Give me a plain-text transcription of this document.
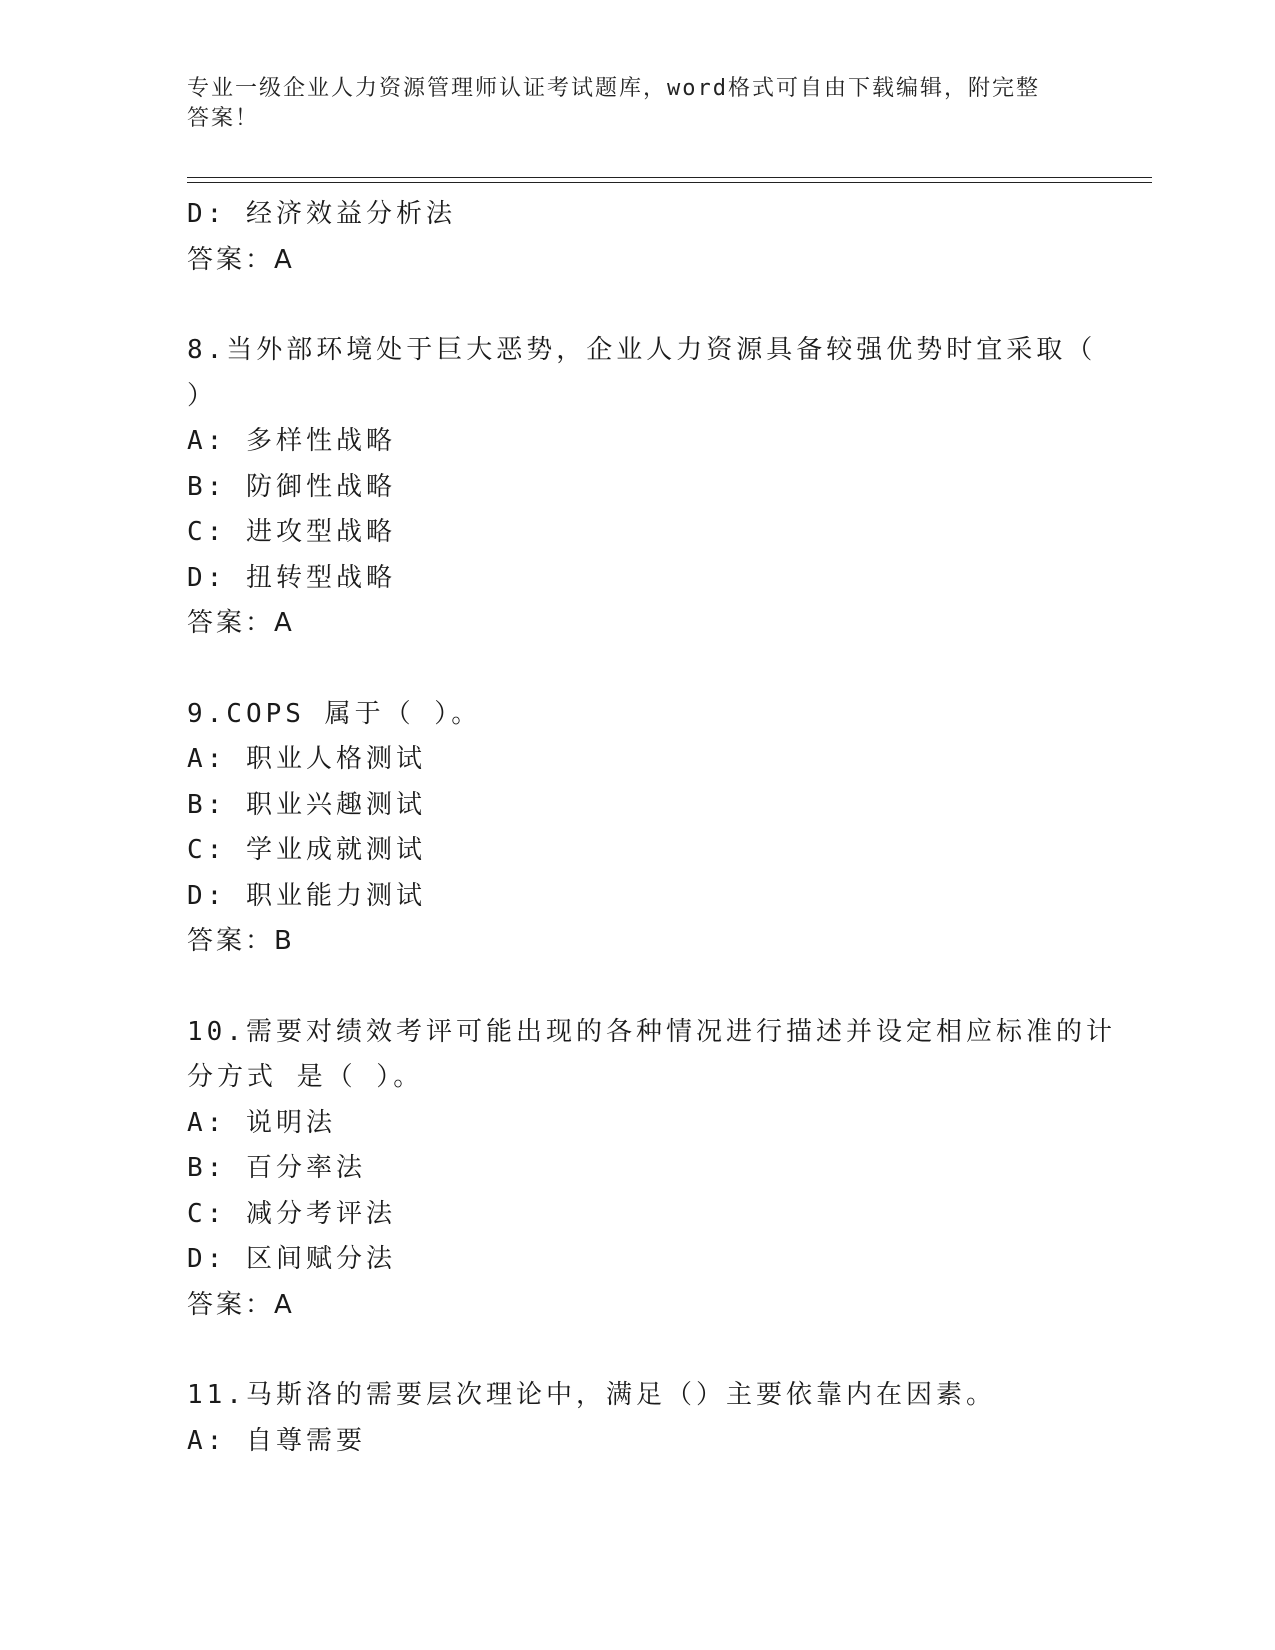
专业一级企业人力资源管理师认证考试题库，word格式可自由下载编辑，附完整
答案！
D: 经济效益分析法
答案：A
8.当外部环境处于巨大恶势，企业人力资源具备较强优势时宜采取（
）
A: 多样性战略
B: 防御性战略
C: 进攻型战略
D: 扭转型战略
答案：A
9.COPS 属于（ ）。
A: 职业人格测试
B: 职业兴趣测试
C: 学业成就测试
D: 职业能力测试
答案：B
10.需要对绩效考评可能出现的各种情况进行描述并设定相应标准的计
分方式 是（ ）。
A: 说明法
B: 百分率法
C: 减分考评法
D: 区间赋分法
答案：A
11.马斯洛的需要层次理论中，满足（）主要依靠内在因素。
A: 自尊需要
